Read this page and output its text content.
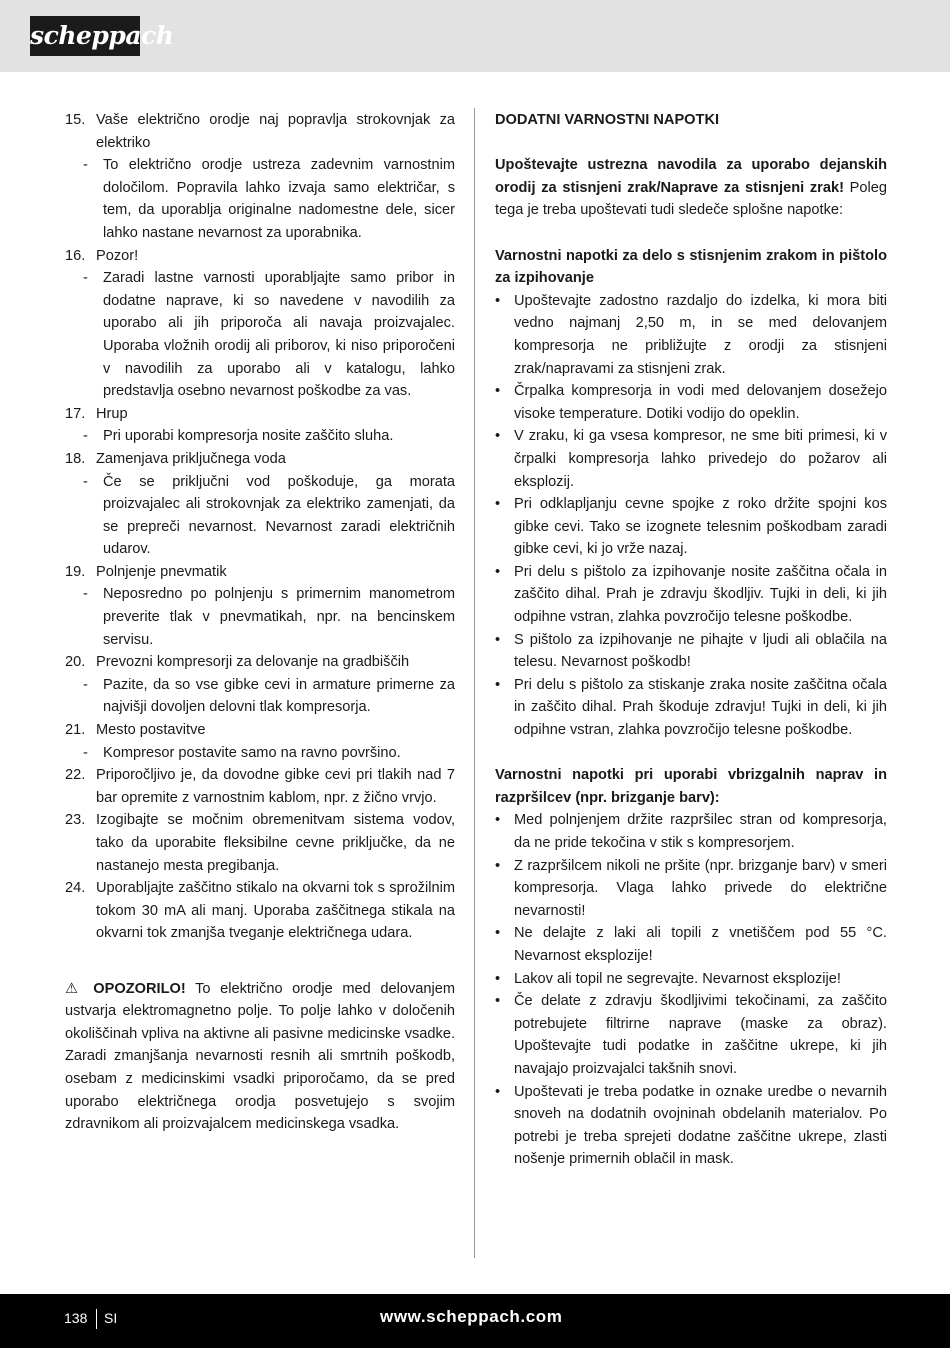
scheppach
15. Vaše električno orodje naj popravlja strokovnjak za elektriko
-	To električno orodje ustreza zadevnim varnostnim določilom. Popravila lahko izvaja samo električar, s tem, da uporablja originalne nadomestne dele, sicer lahko nastane nevarnost za uporabnika.
16. Pozor!
-	Zaradi lastne varnosti uporabljajte samo pribor in dodatne naprave, ki so navedene v navodilih za uporabo ali jih priporoča ali navaja proizvajalec. Uporaba vložnih orodij ali priborov, ki niso priporočeni v navodilih za uporabo ali v katalogu, lahko predstavlja osebno nevarnost poškodbe za vas.
17. Hrup
-	Pri uporabi kompresorja nosite zaščito sluha.
18. Zamenjava priključnega voda
-	Če se priključni vod poškoduje, ga morata proizvajalec ali strokovnjak za elektriko zamenjati, da se prepreči nevarnost. Nevarnost zaradi električnih udarov.
19. Polnjenje pnevmatik
-	Neposredno po polnjenju s primernim manometrom preverite tlak v pnevmatikah, npr. na bencinskem servisu.
20. Prevozni kompresorji za delovanje na gradbiščih
-	Pazite, da so vse gibke cevi in armature primerne za najvišji dovoljen delovni tlak kompresorja.
21. Mesto postavitve
-	Kompresor postavite samo na ravno površino.
22. Priporočljivo je, da dovodne gibke cevi pri tlakih nad 7 bar opremite z varnostnim kablom, npr. z žično vrvjo.
23. Izogibajte se močnim obremenitvam sistema vodov, tako da uporabite fleksibilne cevne priključke, da ne nastanejo mesta pregibanja.
24. Uporabljajte zaščitno stikalo na okvarni tok s sprožilnim tokom 30 mA ali manj. Uporaba zaščitnega stikala na okvarni tok zmanjša tveganje električnega udara.

⚠ OPOZORILO! To električno orodje med delovanjem ustvarja elektromagnetno polje. To polje lahko v določenih okoliščinah vpliva na aktivne ali pasivne medicinske vsadke. Zaradi zmanjšanja nevarnosti resnih ali smrtnih poškodb, osebam z medicinskimi vsadki priporočamo, da se pred uporabo električnega orodja posvetujejo s svojim zdravnikom ali proizvajalcem medicinskega vsadka.

DODATNI VARNOSTNI NAPOTKI

Upoštevajte ustrezna navodila za uporabo dejanskih orodij za stisnjeni zrak/Naprave za stisnjeni zrak! Poleg tega je treba upoštevati tudi sledeče splošne napotke:

Varnostni napotki za delo s stisnjenim zrakom in pištolo za izpihovanje
• Upoštevajte zadostno razdaljo do izdelka, ki mora biti vedno najmanj 2,50 m, in se med delovanjem kompresorja ne približujte z orodji za stisnjeni zrak/napravami za stisnjeni zrak.
• Črpalka kompresorja in vodi med delovanjem dosežejo visoke temperature. Dotiki vodijo do opeklin.
• V zraku, ki ga vsesa kompresor, ne sme biti primesi, ki v črpalki kompresorja lahko privedejo do požarov ali eksplozij.
• Pri odklapljanju cevne spojke z roko držite spojni kos gibke cevi. Tako se izognete telesnim poškodbam zaradi gibke cevi, ki jo vrže nazaj.
• Pri delu s pištolo za izpihovanje nosite zaščitna očala in zaščito dihal. Prah je zdravju škodljiv. Tujki in deli, ki jih odpihne vstran, zlahka povzročijo telesne poškodbe.
• S pištolo za izpihovanje ne pihajte v ljudi ali oblačila na telesu. Nevarnost poškodb!
• Pri delu s pištolo za stiskanje zraka nosite zaščitna očala in zaščito dihal. Prah škoduje zdravju! Tujki in deli, ki jih odpihne vstran, zlahka povzročijo telesne poškodbe.
Varnostni napotki pri uporabi vbrizgalnih naprav in razpršilcev (npr. brizganje barv):
• Med polnjenjem držite razpršilec stran od kompresorja, da ne pride tekočina v stik s kompresorjem.
• Z razpršilcem nikoli ne pršite (npr. brizganje barv) v smeri kompresorja. Vlaga lahko privede do električne nevarnosti!
• Ne delajte z laki ali topili z vnetiščem pod 55 °C. Nevarnost eksplozije!
• Lakov ali topil ne segrevajte. Nevarnost eksplozije!
• Če delate z zdravju škodljivimi tekočinami, za zaščito potrebujete filtrirne naprave (maske za obraz). Upoštevajte tudi podatke in zaščitne ukrepe, ki jih navajajo proizvajalci takšnih snovi.
• Upoštevati je treba podatke in oznake uredbe o nevarnih snoveh na dodatnih ovojninah obdelanih materialov. Po potrebi je treba sprejeti dodatne zaščitne ukrepe, zlasti nošenje primernih oblačil in mask.
138 SI	www.scheppach.com
